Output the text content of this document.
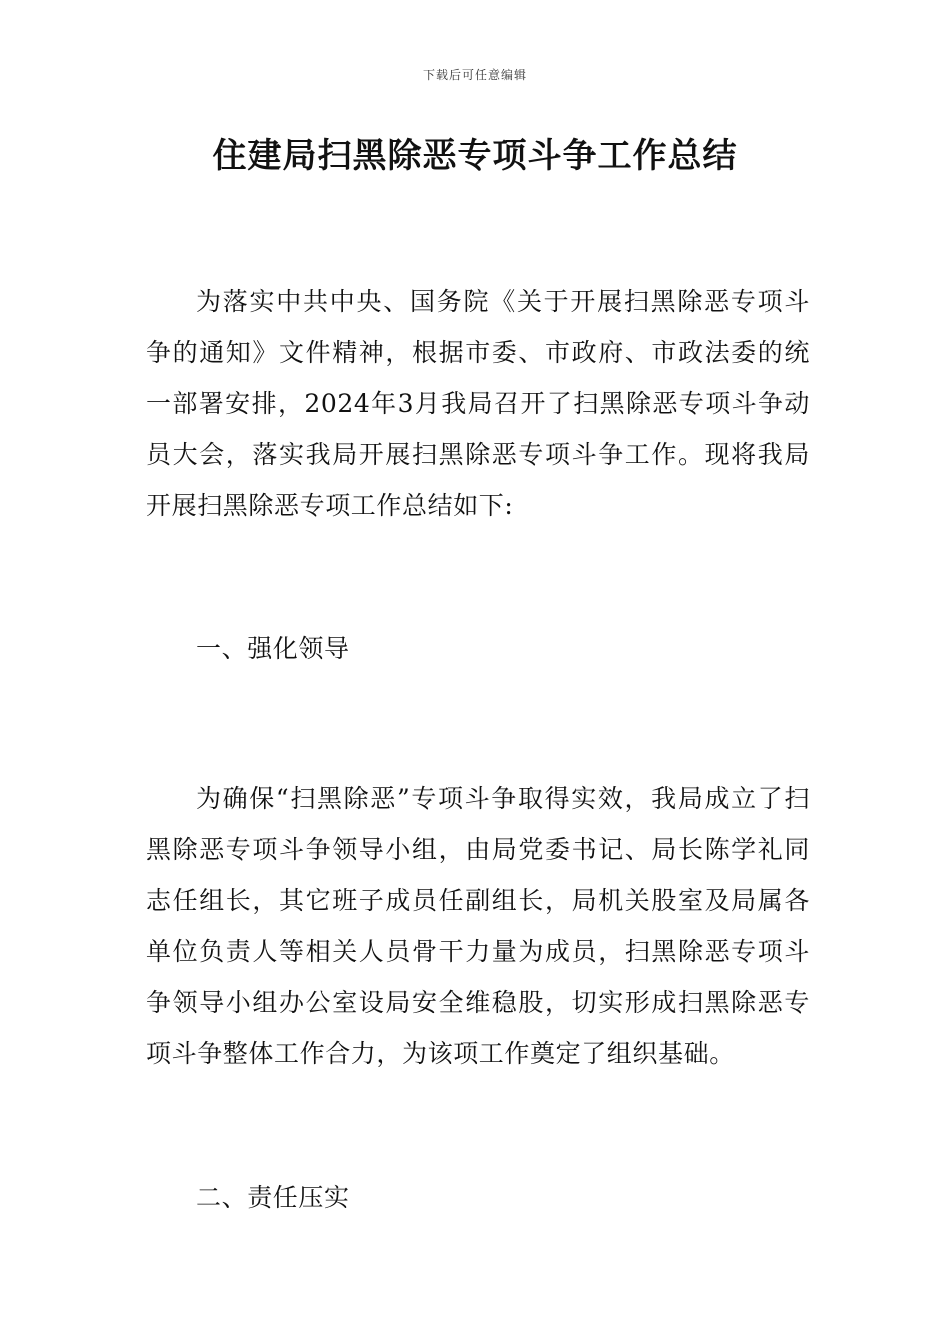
下载后可任意编辑
住建局扫黑除恶专项斗争工作总结

为落实中共中央、国务院《关于开展扫黑除恶专项斗争的通知》文件精神，根据市委、市政府、市政法委的统一部署安排，2024年3月我局召开了扫黑除恶专项斗争动员大会，落实我局开展扫黑除恶专项斗争工作。现将我局开展扫黑除恶专项工作总结如下:

一、强化领导

为确保“扫黑除恶”专项斗争取得实效，我局成立了扫黑除恶专项斗争领导小组，由局党委书记、局长陈学礼同志任组长，其它班子成员任副组长，局机关股室及局属各单位负责人等相关人员骨干力量为成员，扫黑除恶专项斗争领导小组办公室设局安全维稳股，切实形成扫黑除恶专项斗争整体工作合力，为该项工作奠定了组织基础。

二、责任压实
